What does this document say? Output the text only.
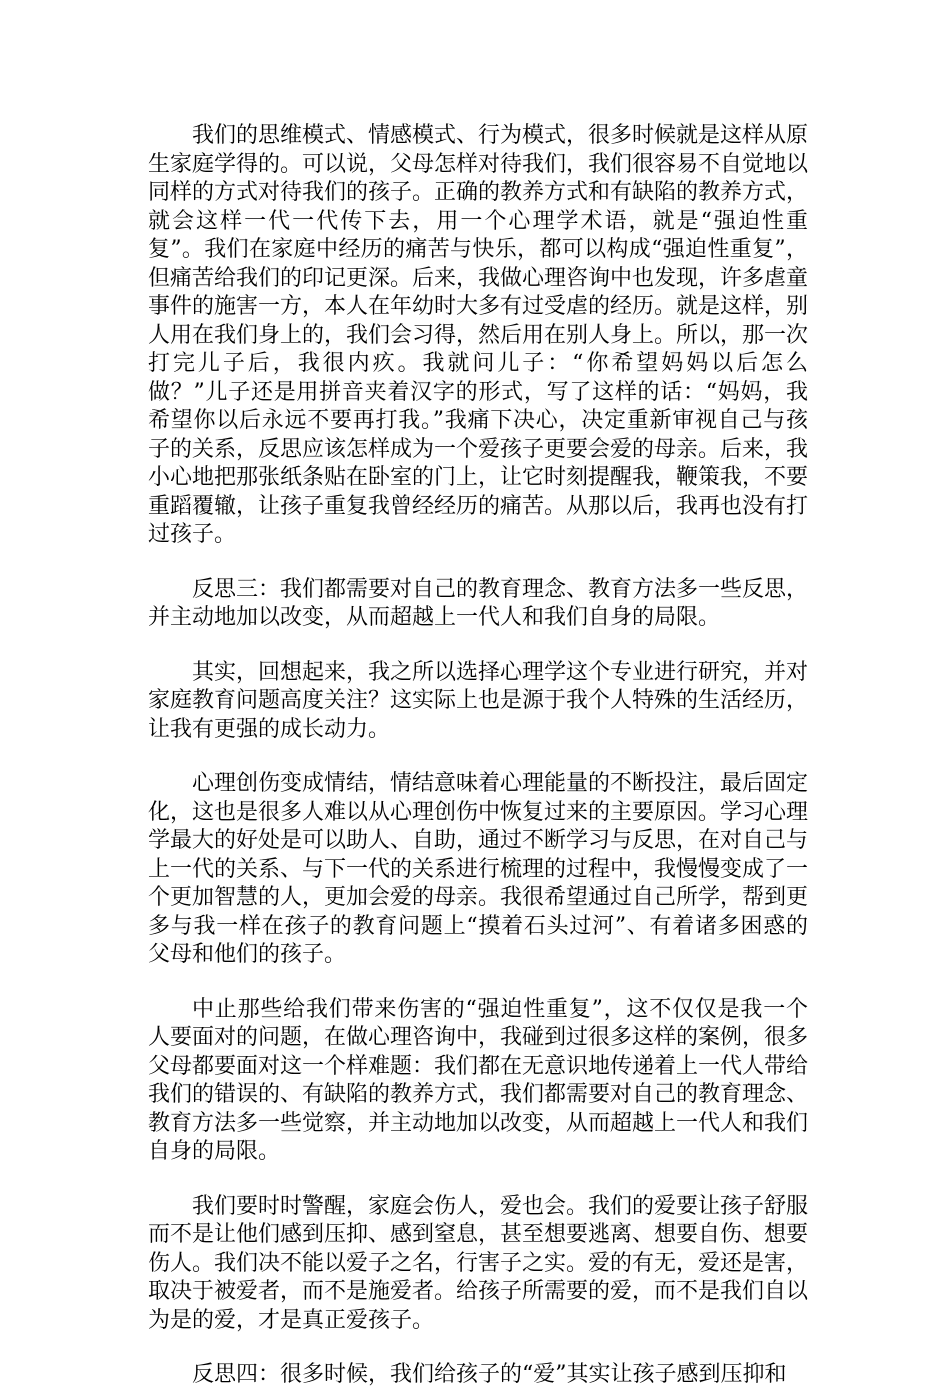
我们的思维模式、情感模式、行为模式，很多时候就是这样从原生家庭学得的。可以说，父母怎样对待我们，我们很容易不自觉地以同样的方式对待我们的孩子。正确的教养方式和有缺陷的教养方式，就会这样一代一代传下去，用一个心理学术语，就是“强迫性重复”。我们在家庭中经历的痛苦与快乐，都可以构成“强迫性重复”，但痛苦给我们的印记更深。后来，我做心理咨询中也发现，许多虐童事件的施害一方，本人在年幼时大多有过受虐的经历。就是这样，别人用在我们身上的，我们会习得，然后用在别人身上。所以，那一次打完儿子后，我很内疚。我就问儿子：“你希望妈妈以后怎么做？”儿子还是用拼音夹着汉字的形式，写了这样的话：“妈妈，我希望你以后永远不要再打我。”我痛下决心，决定重新审视自己与孩子的关系，反思应该怎样成为一个爱孩子更要会爱的母亲。后来，我小心地把那张纸条贴在卧室的门上，让它时刻提醒我，鞭策我，不要重蹈覆辙，让孩子重复我曾经经历的痛苦。从那以后，我再也没有打过孩子。

反思三：我们都需要对自己的教育理念、教育方法多一些反思，并主动地加以改变，从而超越上一代人和我们自身的局限。

其实，回想起来，我之所以选择心理学这个专业进行研究，并对家庭教育问题高度关注？这实际上也是源于我个人特殊的生活经历，让我有更强的成长动力。

心理创伤变成情结，情结意味着心理能量的不断投注，最后固定化，这也是很多人难以从心理创伤中恢复过来的主要原因。学习心理学最大的好处是可以助人、自助，通过不断学习与反思，在对自己与上一代的关系、与下一代的关系进行梳理的过程中，我慢慢变成了一个更加智慧的人，更加会爱的母亲。我很希望通过自己所学，帮到更多与我一样在孩子的教育问题上“摸着石头过河”、有着诸多困惑的父母和他们的孩子。

中止那些给我们带来伤害的“强迫性重复”，这不仅仅是我一个人要面对的问题，在做心理咨询中，我碰到过很多这样的案例，很多父母都要面对这一个样难题：我们都在无意识地传递着上一代人带给我们的错误的、有缺陷的教养方式，我们都需要对自己的教育理念、教育方法多一些觉察，并主动地加以改变，从而超越上一代人和我们自身的局限。

我们要时时警醒，家庭会伤人，爱也会。我们的爱要让孩子舒服而不是让他们感到压抑、感到窒息，甚至想要逃离、想要自伤、想要伤人。我们决不能以爱子之名，行害子之实。爱的有无，爱还是害，取决于被爱者，而不是施爱者。给孩子所需要的爱，而不是我们自以为是的爱，才是真正爱孩子。

反思四：很多时候，我们给孩子的“爱”其实让孩子感到压抑和
